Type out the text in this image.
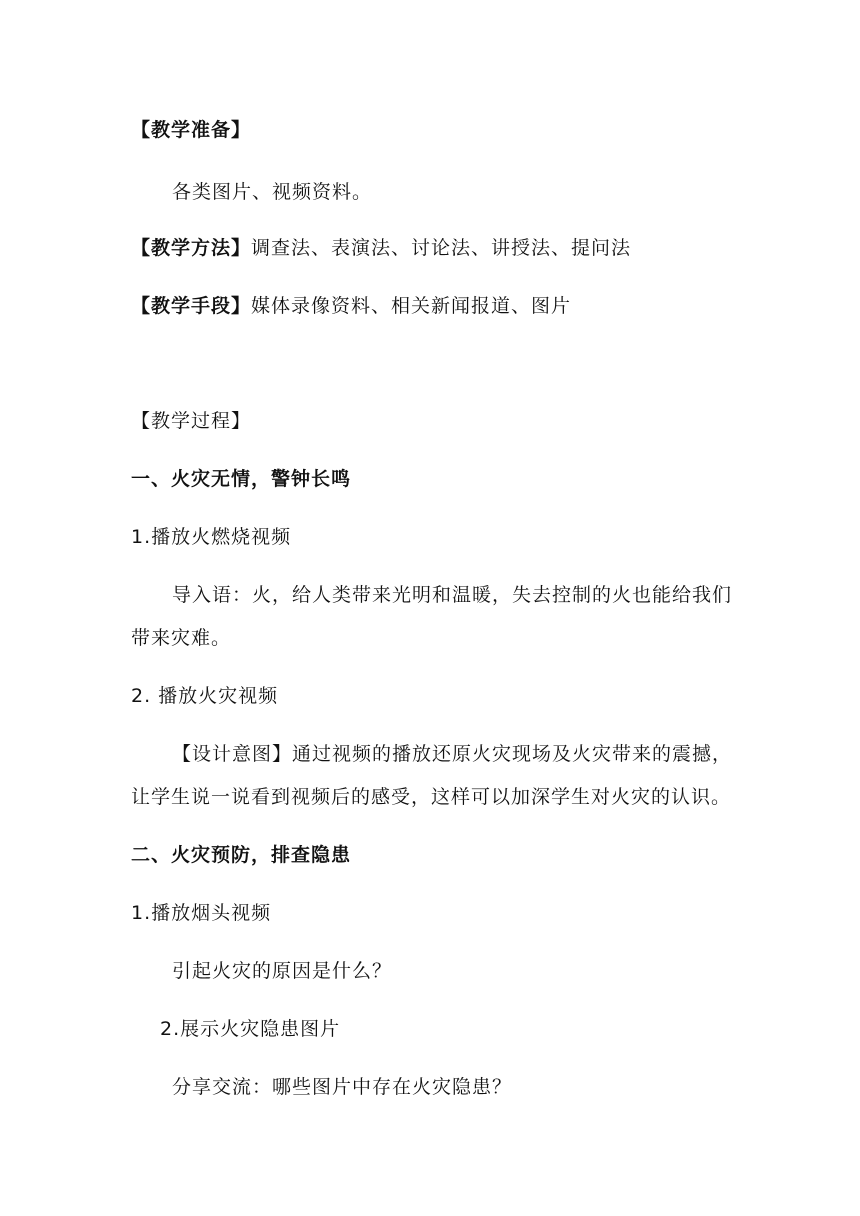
【教学准备】
各类图片、视频资料。
【教学方法】调查法、表演法、讨论法、讲授法、提问法
【教学手段】媒体录像资料、相关新闻报道、图片
【教学过程】
一、火灾无情，警钟长鸣
1.播放火燃烧视频
导入语：火，给人类带来光明和温暖，失去控制的火也能给我们
带来灾难。
2. 播放火灾视频
【设计意图】通过视频的播放还原火灾现场及火灾带来的震撼，
让学生说一说看到视频后的感受，这样可以加深学生对火灾的认识。
二、火灾预防，排查隐患
1.播放烟头视频
引起火灾的原因是什么？
2.展示火灾隐患图片
分享交流：哪些图片中存在火灾隐患？
